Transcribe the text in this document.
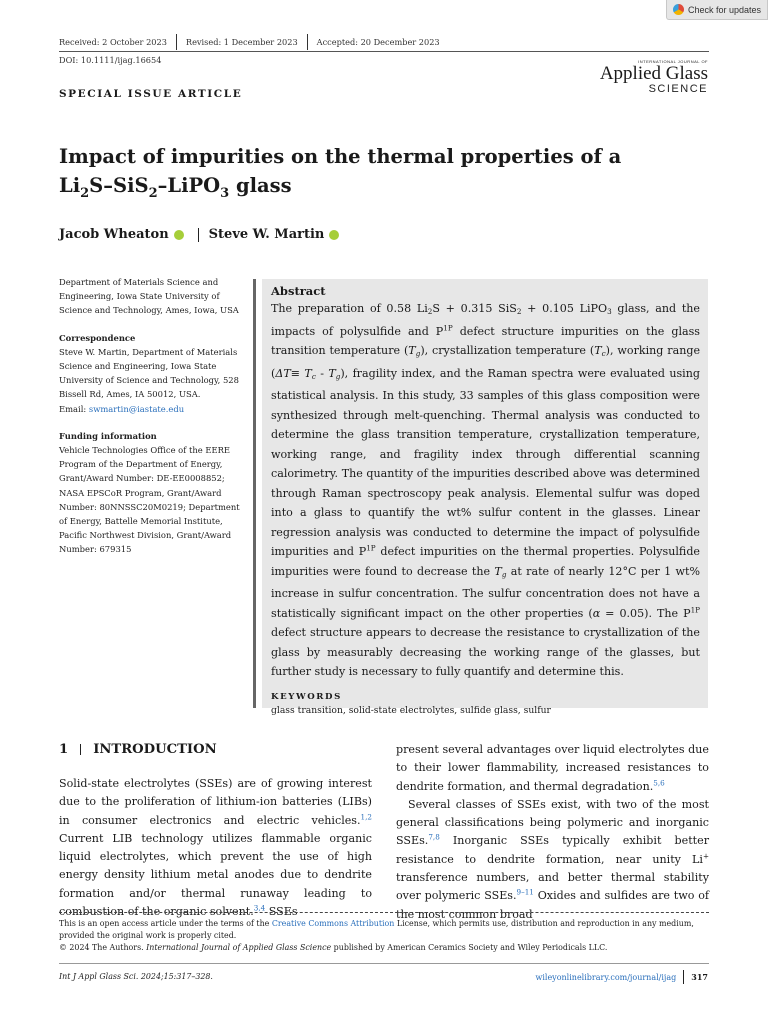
Check for updates
Received: 2 October 2023 Revised: 1 December 2023 Accepted: 20 December 2023
DOI: 10.1111/ijag.16654	INTERNATIONAL JOURNAL OF
Applied Glass
SCIENCE
SPECIAL ISSUE ARTICLE
Impact of impurities on the thermal properties of a
$Li_2S-SiS_2-LiPO_3$ glass
Jacob Wheaton	Steve W. Martin
Department of Materials Science and Engineering, Iowa State University of Science and Technology, Ames, Iowa, USA
Correspondence
Steve W. Martin, Department of Materials Science and Engineering, Iowa State University of Science and Technology, 528 Bissell Rd, Ames, IA 50012, USA.
Email: swmartin@iastate.edu
Funding information
Vehicle Technologies Office of the EERE Program of the Department of Energy, Grant/Award Number: DE-EE0008852; NASA EPSCoR Program, Grant/Award Number: 80NNSSC20M0219; Department of Energy, Battelle Memorial Institute, Pacific Northwest Division, Grant/Award Number: 679315
Abstract
The preparation of 0.58 $Li_2S + 0.315$ SiS$_2$ + 0.105 LiPO$_3$ glass, and the impacts of polysulfide and $P^{1P}$ defect structure impurities on the glass transition temperature $(T_g)$, crystallization temperature $(T_c)$, working range $(\Delta T\equiv T_c - T_g)$, fragility index, and the Raman spectra were evaluated using statistical analysis. In this study, 33 samples of this glass composition were synthesized through melt-quenching. Thermal analysis was conducted to determine the glass transition temperature, crystallization temperature, working range, and fragility index through differential scanning calorimetry. The quantity of the impurities described above was determined through Raman spectroscopy peak analysis. Elemental sulfur was doped into a glass to quantify the wt% sulfur content in the glasses. Linear regression analysis was conducted to determine the impact of polysulfide impurities and $P^{1P}$ defect impurities on the thermal properties. Polysulfide impurities were found to decrease the $T_g$ at rate of nearly 12°C per 1 wt% increase in sulfur concentration. The sulfur concentration does not have a statistically significant impact on the other properties (α = 0.05). The $P^{1P}$ defect structure appears to decrease the resistance to crystallization of the glass by measurably decreasing the working range of the glasses, but further study is necessary to fully quantify and determine this.
KEYWORDS
glass transition, solid-state electrolytes, sulfide glass, sulfur
1 INTRODUCTION
Solid-state electrolytes (SSEs) are of growing interest due to the proliferation of lithium-ion batteries (LIBs) in consumer electronics and electric vehicles.$^{1,2}$ Current LIB technology utilizes flammable organic liquid electrolytes, which prevent the use of high energy density lithium metal anodes due to dendrite formation and/or thermal runaway leading to combustion of the organic solvent.$^{3,4}$ SSEs
present several advantages over liquid electrolytes due to their lower flammability, increased resistances to dendrite formation, and thermal degradation.$^{5,6}$
Several classes of SSEs exist, with two of the most general classifications being polymeric and inorganic SSEs.$^{7,8}$ Inorganic SSEs typically exhibit better resistance to dendrite formation, near unity Li+ transference numbers, and better thermal stability over polymeric SSEs.$^{9-11}$ Oxides and sulfides are two of the most common broad
This is an open access article under the terms of the Creative Commons Attribution License, which permits use, distribution and reproduction in any medium, provided the original work is properly cited.
© 2024 The Authors. International Journal of Applied Glass Science published by American Ceramics Society and Wiley Periodicals LLC.
Int J Appl Glass Sci. 2024;15:317–328.	wileyonlinelibrary.com/journal/ijag 317
